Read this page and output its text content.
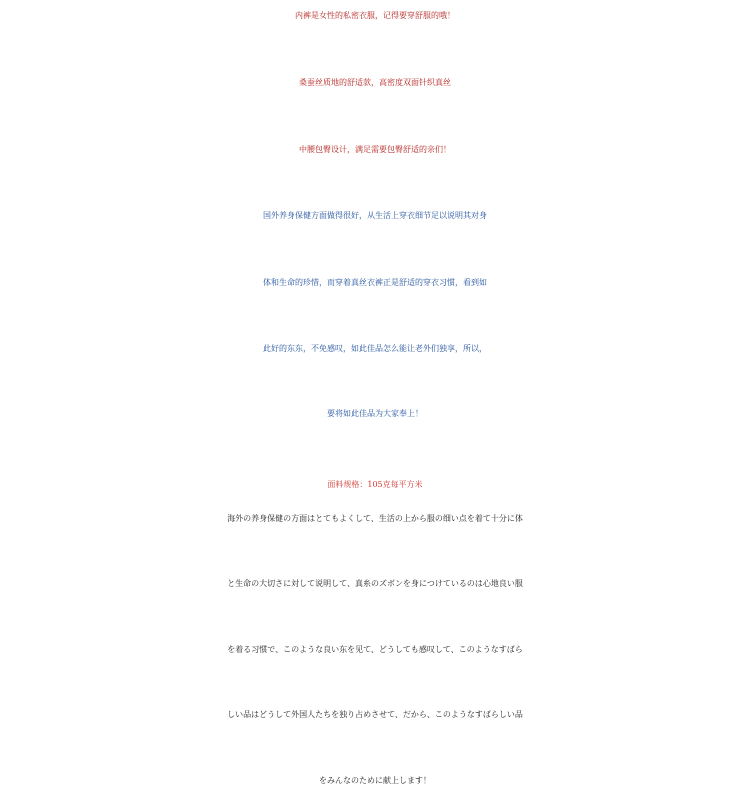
内裤是女性的私密衣服，记得要穿舒服的哦！

桑蚕丝质地的舒适款，高密度双面针织真丝

中腰包臀设计，满足需要包臀舒适的亲们！

国外养身保健方面做得很好，从生活上穿衣细节足以说明其对身

体和生命的珍惜，而穿着真丝衣裤正是舒适的穿衣习惯，看到如

此好的东东，不免感叹，如此佳品怎么能让老外们独享，所以，

要将如此佳品为大家奉上！

面料规格：105克每平方米

海外の养身保健の方面はとてもよくして、生活の上から服の细い点を着て十分に体

と生命の大切さに対して说明して、真糸のズボンを身につけているのは心地良い服

を着る习惯で、このような良い东を见て、どうしても感叹して、このようなすばら

しい品はどうして外国人たちを独り占めさせて、だから、このようなすばらしい品

をみんなのために献上します！
